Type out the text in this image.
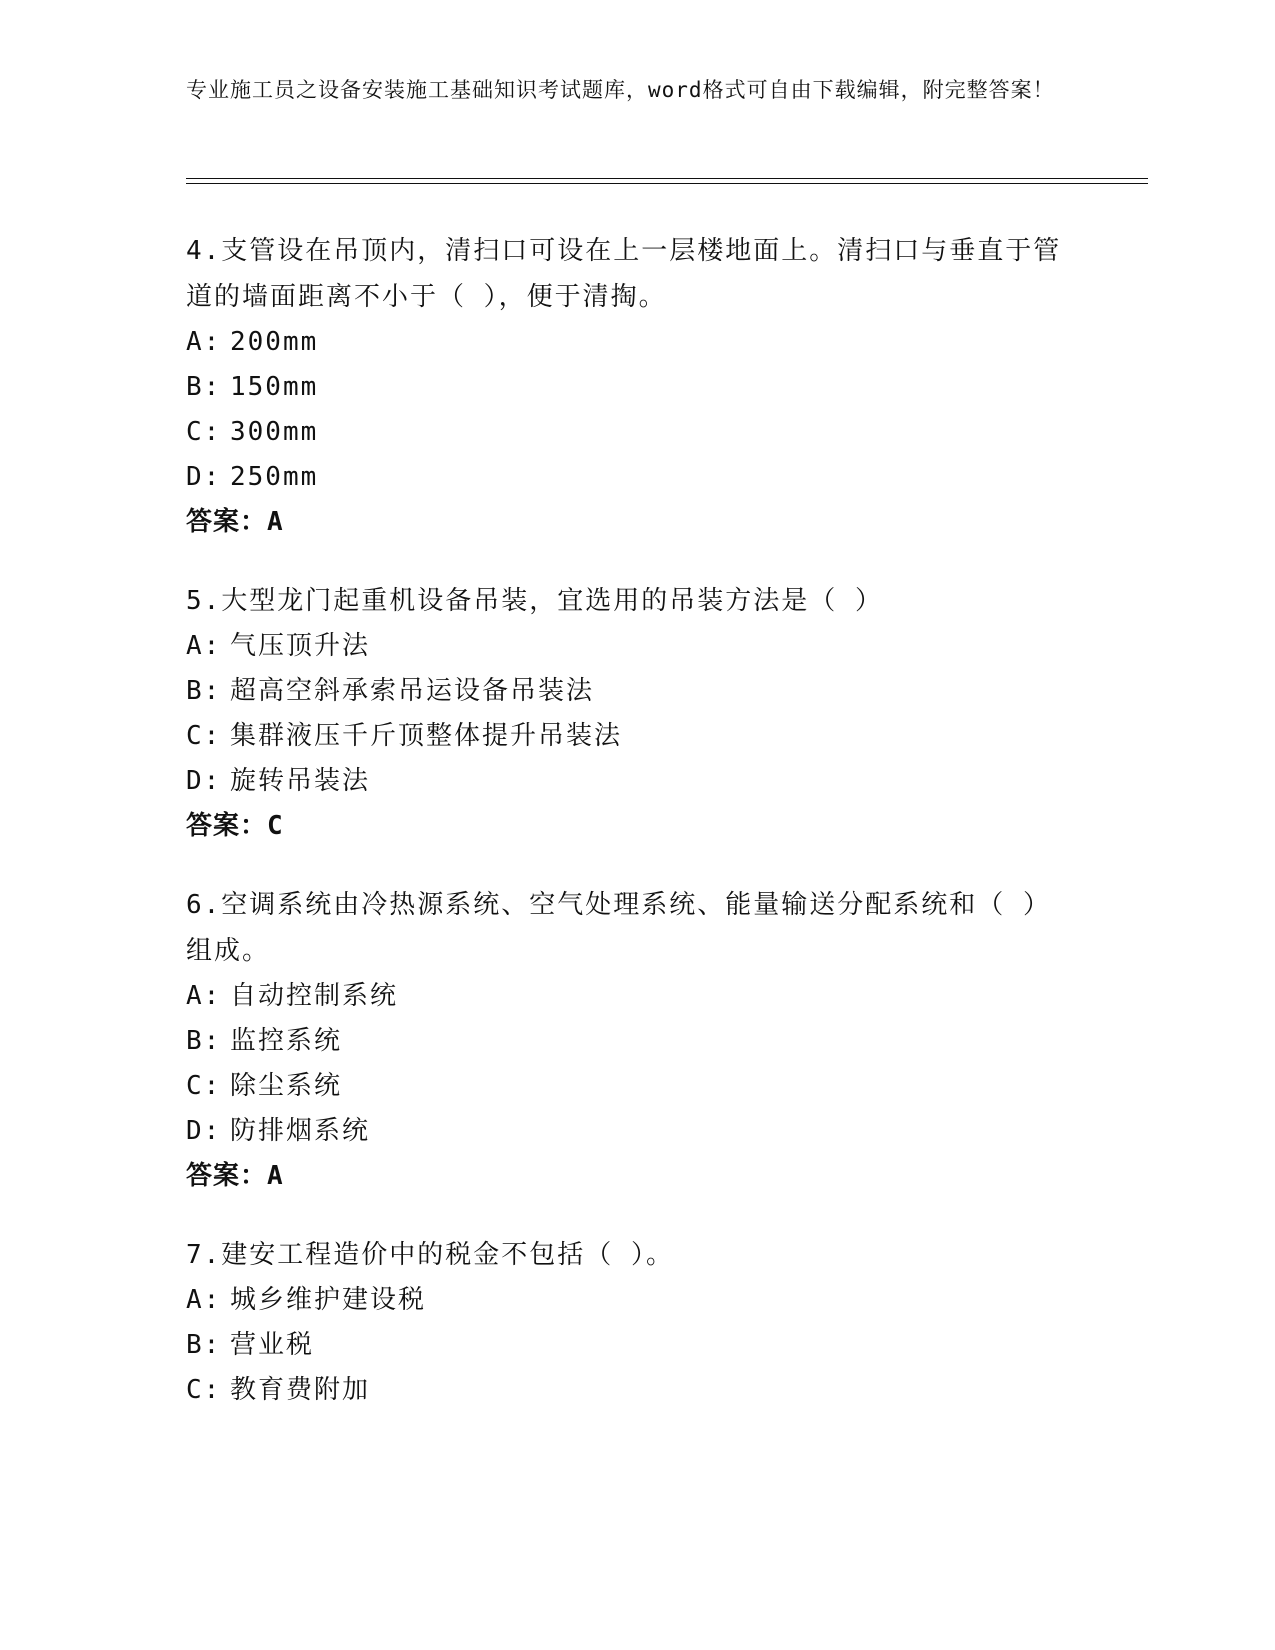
专业施工员之设备安装施工基础知识考试题库，word格式可自由下载编辑，附完整答案！

4.支管设在吊顶内，清扫口可设在上一层楼地面上。清扫口与垂直于管道的墙面距离不小于（ ），便于清掏。

A: 200mm

B: 150mm

C: 300mm

D: 250mm

答案：A

5.大型龙门起重机设备吊装，宜选用的吊装方法是（ ）

A: 气压顶升法

B: 超高空斜承索吊运设备吊装法

C: 集群液压千斤顶整体提升吊装法

D: 旋转吊装法

答案：C

6.空调系统由冷热源系统、空气处理系统、能量输送分配系统和（ ）组成。

A: 自动控制系统

B: 监控系统

C: 除尘系统

D: 防排烟系统

答案：A

7.建安工程造价中的税金不包括（ ）。

A: 城乡维护建设税

B: 营业税

C: 教育费附加
